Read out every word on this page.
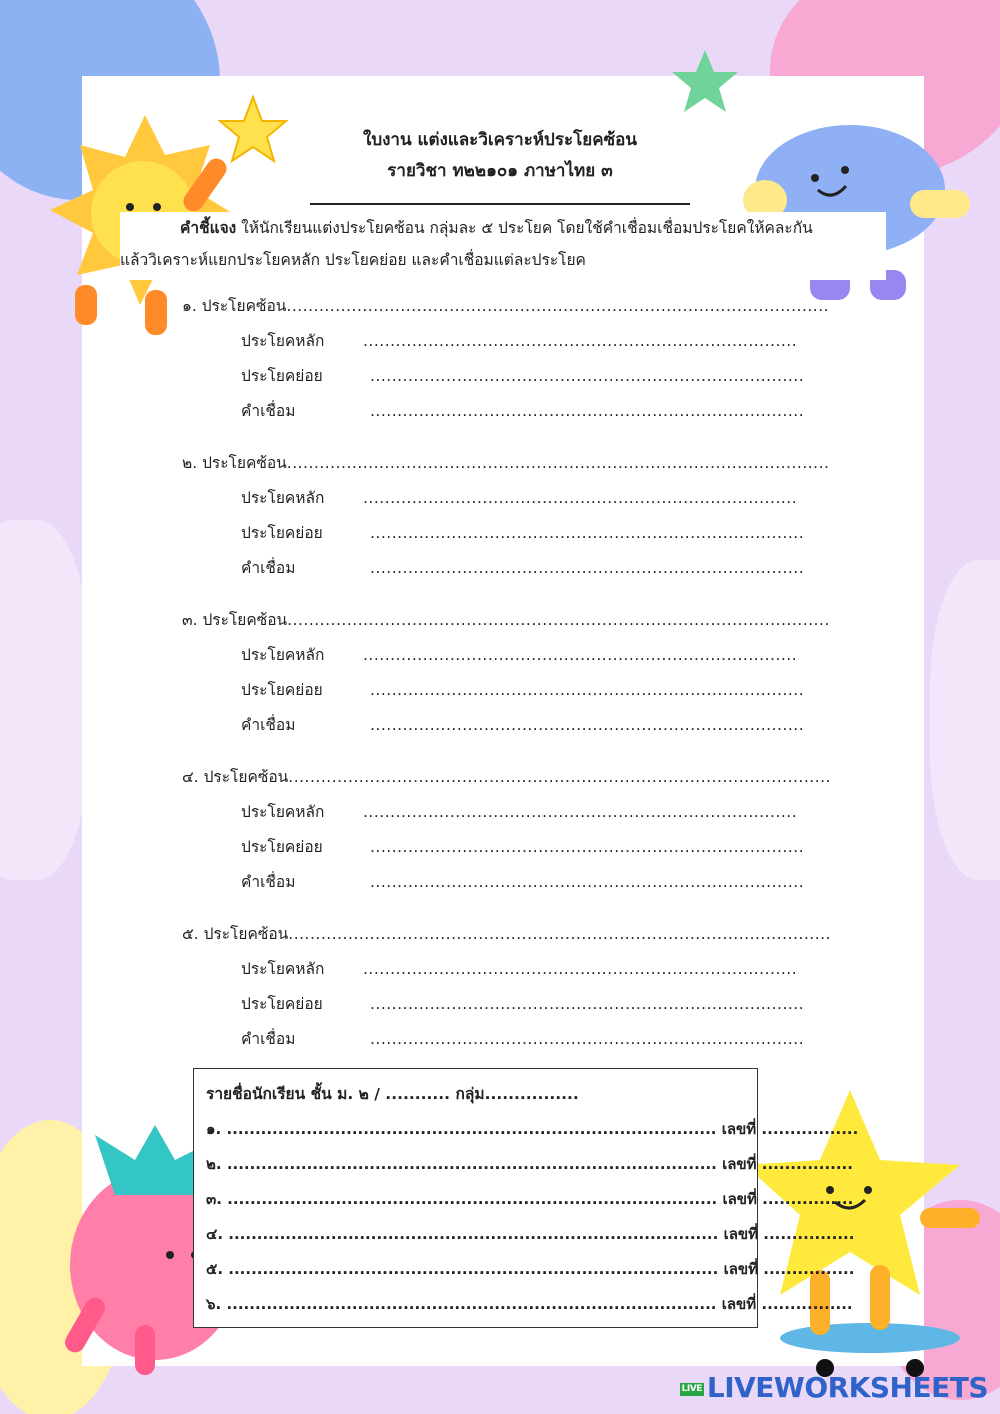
ใบงาน แต่งและวิเคราะห์ประโยคซ้อน
รายวิชา ท๒๒๑๐๑ ภาษาไทย ๓
คำชี้แจง ให้นักเรียนแต่งประโยคซ้อน กลุ่มละ ๕ ประโยค โดยใช้คำเชื่อมเชื่อมประโยคให้คละกัน
แล้ววิเคราะห์แยกประโยคหลัก ประโยคย่อย และคำเชื่อมแต่ละประโยค
๑. ประโยคซ้อน....................................................................................................
ประโยคหลัก ................................................................................
ประโยคย่อย	................................................................................
คำเชื่อม	................................................................................
๒. ประโยคซ้อน....................................................................................................
ประโยคหลัก ................................................................................
ประโยคย่อย	................................................................................
คำเชื่อม	................................................................................
๓. ประโยคซ้อน....................................................................................................
ประโยคหลัก ................................................................................
ประโยคย่อย	................................................................................
คำเชื่อม	................................................................................
๔. ประโยคซ้อน....................................................................................................
ประโยคหลัก ................................................................................
ประโยคย่อย	................................................................................
คำเชื่อม	................................................................................
๕. ประโยคซ้อน....................................................................................................
ประโยคหลัก ................................................................................
ประโยคย่อย	................................................................................
คำเชื่อม	................................................................................
รายชื่อนักเรียน ชั้น ม. ๒ / ........... กลุ่ม................
๑. ...................................................................................... เลขที่ .................
๒. ...................................................................................... เลขที่ ................
๓. ...................................................................................... เลขที่ ................
๔. ...................................................................................... เลขที่ ................
๕. ...................................................................................... เลขที่ ................
๖. ...................................................................................... เลขที่ ................
LIVE LIVEWORKSHEETS
